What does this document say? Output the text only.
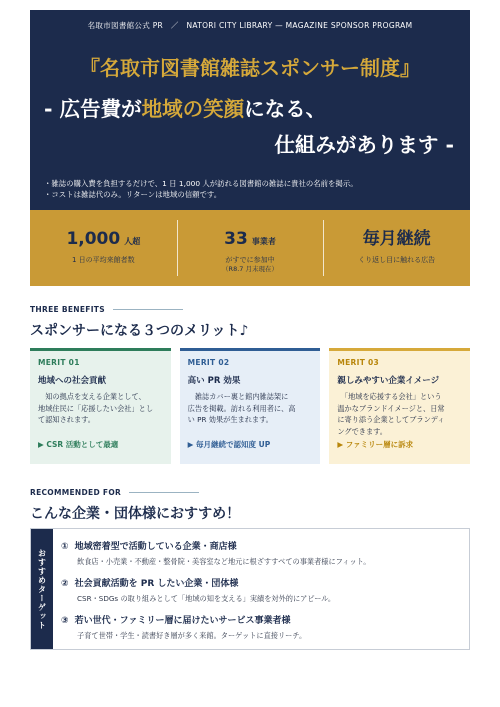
名取市図書館公式 PR　／　NATORI CITY LIBRARY — MAGAZINE SPONSOR PROGRAM
『名取市図書館雑誌スポンサー制度』
- 広告費が地域の笑顔になる、
仕組みがあります -
・雑誌の購入費を負担するだけで、1 日 1,000 人が訪れる図書館の雑誌に貴社の名前を掲示。
・コストは雑誌代のみ。リターンは地域の信頼です。
1,000 人超
1 日の平均来館者数
33 事業者
がすでに参加中
（R8.7 月末現在）
毎月継続
くり返し目に触れる広告
THREE BENEFITS
スポンサーになる３つのメリット♪
MERIT 01
地域への社会貢献
　知の拠点を支える企業として、
地域住民に「応援したい会社」とし
て認知されます。
▶ CSR 活動として最適
MERIT 02
高い PR 効果
　雑誌カバー裏と館内雑誌架に
広告を掲載。訪れる利用者に、高
い PR 効果が生まれます。
▶ 毎月継続で認知度 UP
MERIT 03
親しみやすい企業イメージ
　「地域を応援する会社」という
温かなブランドイメージと、日常
に寄り添う企業としてブランディ
ングできます。
▶ ファミリー層に訴求
RECOMMENDED FOR
こんな企業・団体様におすすめ！
おすすめターゲット
① 地域密着型で活動している企業・商店様
飲食店・小売業・不動産・整骨院・美容室など地元に根ざすすべての事業者様にフィット。
② 社会貢献活動を PR したい企業・団体様
CSR・SDGs の取り組みとして「地域の知を支える」実績を対外的にアピール。
③ 若い世代・ファミリー層に届けたいサービス事業者様
子育て世帯・学生・読書好き層が多く来館。ターゲットに直接リーチ。
